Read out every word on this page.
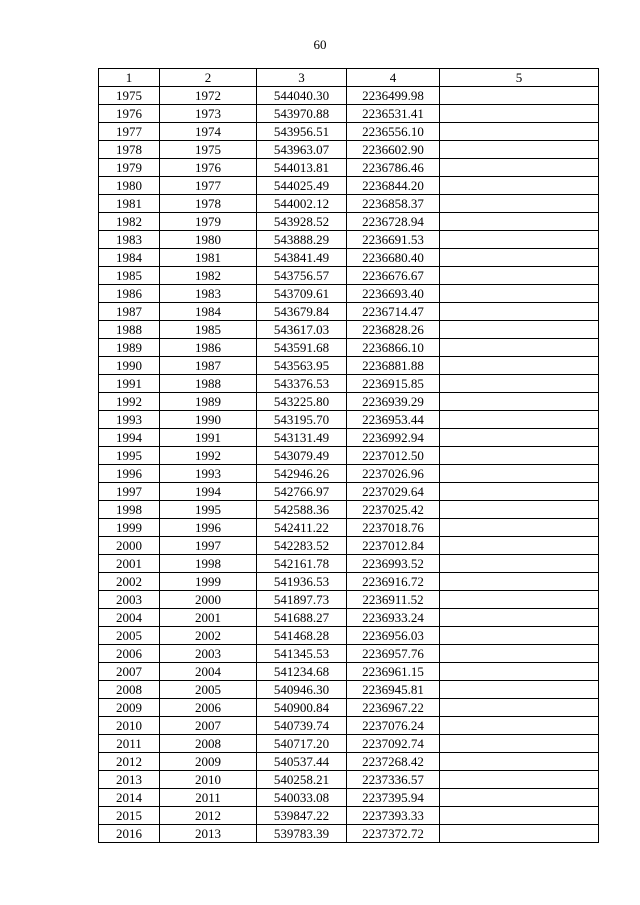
60
1	2	3	4	5
1975	1972	544040.30	2236499.98	
1976	1973	543970.88	2236531.41	
1977	1974	543956.51	2236556.10	
1978	1975	543963.07	2236602.90	
1979	1976	544013.81	2236786.46	
1980	1977	544025.49	2236844.20	
1981	1978	544002.12	2236858.37	
1982	1979	543928.52	2236728.94	
1983	1980	543888.29	2236691.53	
1984	1981	543841.49	2236680.40	
1985	1982	543756.57	2236676.67	
1986	1983	543709.61	2236693.40	
1987	1984	543679.84	2236714.47	
1988	1985	543617.03	2236828.26	
1989	1986	543591.68	2236866.10	
1990	1987	543563.95	2236881.88	
1991	1988	543376.53	2236915.85	
1992	1989	543225.80	2236939.29	
1993	1990	543195.70	2236953.44	
1994	1991	543131.49	2236992.94	
1995	1992	543079.49	2237012.50	
1996	1993	542946.26	2237026.96	
1997	1994	542766.97	2237029.64	
1998	1995	542588.36	2237025.42	
1999	1996	542411.22	2237018.76	
2000	1997	542283.52	2237012.84	
2001	1998	542161.78	2236993.52	
2002	1999	541936.53	2236916.72	
2003	2000	541897.73	2236911.52	
2004	2001	541688.27	2236933.24	
2005	2002	541468.28	2236956.03	
2006	2003	541345.53	2236957.76	
2007	2004	541234.68	2236961.15	
2008	2005	540946.30	2236945.81	
2009	2006	540900.84	2236967.22	
2010	2007	540739.74	2237076.24	
2011	2008	540717.20	2237092.74	
2012	2009	540537.44	2237268.42	
2013	2010	540258.21	2237336.57	
2014	2011	540033.08	2237395.94	
2015	2012	539847.22	2237393.33	
2016	2013	539783.39	2237372.72	
